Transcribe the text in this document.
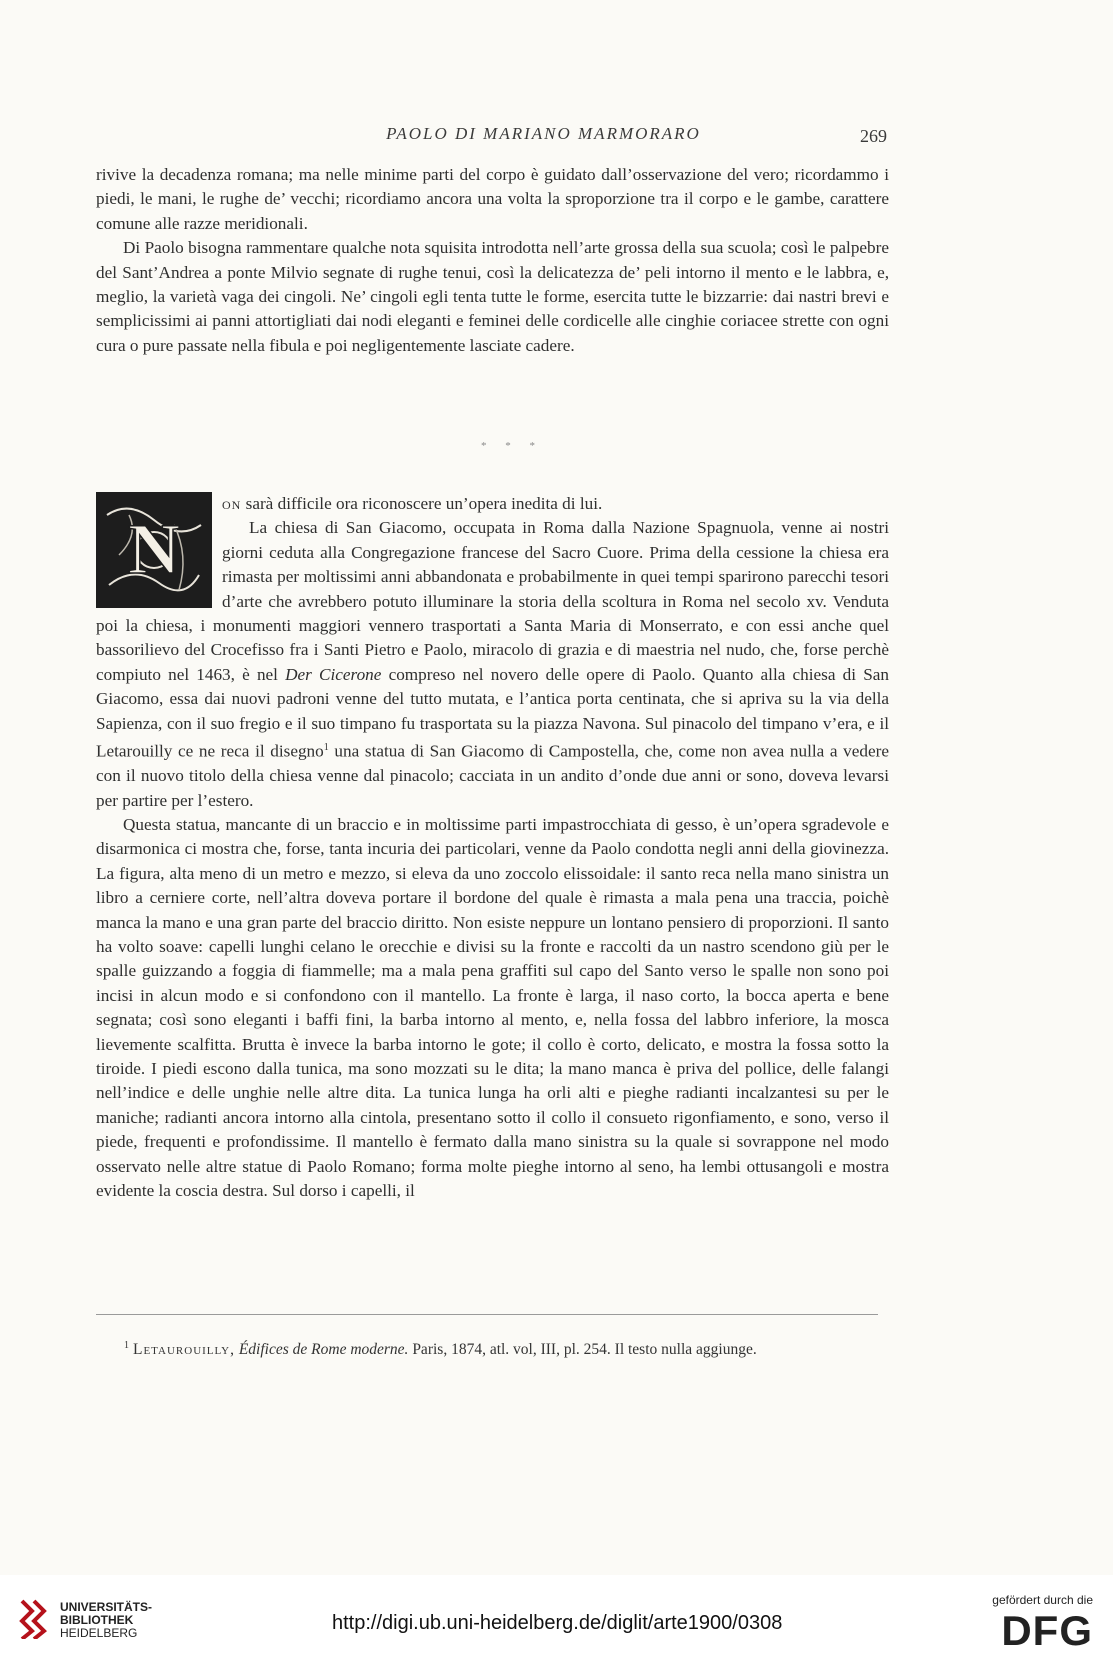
PAOLO DI MARIANO MARMORARO	269

rivive la decadenza romana; ma nelle minime parti del corpo è guidato dall’osservazione del vero; ricordammo i piedi, le mani, le rughe de’ vecchi; ricordiamo ancora una volta la sproporzione tra il corpo e le gambe, carattere comune alle razze meridionali.

Di Paolo bisogna rammentare qualche nota squisita introdotta nell’arte grossa della sua scuola; così le palpebre del Sant’Andrea a ponte Milvio segnate di rughe tenui, così la delicatezza de’ peli intorno il mento e le labbra, e, meglio, la varietà vaga dei cingoli. Ne’ cingoli egli tenta tutte le forme, esercita tutte le bizzarrie: dai nastri brevi e semplicissimi ai panni attortigliati dai nodi eleganti e feminei delle cordicelle alle cinghie coriacee strette con ogni cura o pure passate nella fibula e poi negligentemente lasciate cadere.

* * *
N

on sarà difficile ora riconoscere un’opera inedita di lui.

La chiesa di San Giacomo, occupata in Roma dalla Nazione Spagnuola, venne ai nostri giorni ceduta alla Congregazione francese del Sacro Cuore. Prima della cessione la chiesa era rimasta per moltissimi anni abbandonata e probabilmente in quei tempi sparirono parecchi tesori d’arte che avrebbero potuto illuminare la storia della scoltura in Roma nel secolo xv. Venduta poi la chiesa, i monumenti maggiori vennero trasportati a Santa Maria di Monserrato, e con essi anche quel bassorilievo del Crocefisso fra i Santi Pietro e Paolo, miracolo di grazia e di maestria nel nudo, che, forse perchè compiuto nel 1463, è nel Der Cicerone compreso nel novero delle opere di Paolo. Quanto alla chiesa di San Giacomo, essa dai nuovi padroni venne del tutto mutata, e l’antica porta centinata, che si apriva su la via della Sapienza, con il suo fregio e il suo timpano fu trasportata su la piazza Navona. Sul pinacolo del timpano v’era, e il Letarouilly ce ne reca il disegno$^1$ una statua di San Giacomo di Campostella, che, come non avea nulla a vedere con il nuovo titolo della chiesa venne dal pinacolo; cacciata in un andito d’onde due anni or sono, doveva levarsi per partire per l’estero.

Questa statua, mancante di un braccio e in moltissime parti impastrocchiata di gesso, è un’opera sgradevole e disarmonica ci mostra che, forse, tanta incuria dei particolari, venne da Paolo condotta negli anni della giovinezza. La figura, alta meno di un metro e mezzo, si eleva da uno zoccolo elissoidale: il santo reca nella mano sinistra un libro a cerniere corte, nell’altra doveva portare il bordone del quale è rimasta a mala pena una traccia, poichè manca la mano e una gran parte del braccio diritto. Non esiste neppure un lontano pensiero di proporzioni. Il santo ha volto soave: capelli lunghi celano le orecchie e divisi su la fronte e raccolti da un nastro scendono giù per le spalle guizzando a foggia di fiammelle; ma a mala pena graffiti sul capo del Santo verso le spalle non sono poi incisi in alcun modo e si confondono con il mantello. La fronte è larga, il naso corto, la bocca aperta e bene segnata; così sono eleganti i baffi fini, la barba intorno al mento, e, nella fossa del labbro inferiore, la mosca lievemente scalfitta. Brutta è invece la barba intorno le gote; il collo è corto, delicato, e mostra la fossa sotto la tiroide. I piedi escono dalla tunica, ma sono mozzati su le dita; la mano manca è priva del pollice, delle falangi nell’indice e delle unghie nelle altre dita. La tunica lunga ha orli alti e pieghe radianti incalzantesi su per le maniche; radianti ancora intorno alla cintola, presentano sotto il collo il consueto rigonfiamento, e sono, verso il piede, frequenti e profondissime. Il mantello è fermato dalla mano sinistra su la quale si sovrappone nel modo osservato nelle altre statue di Paolo Romano; forma molte pieghe intorno al seno, ha lembi ottusangoli e mostra evidente la coscia destra. Sul dorso i capelli, il

$^1$ Letaurouilly, Édifices de Rome moderne. Paris, 1874, atl. vol, III, pl. 254. Il testo nulla aggiunge.
UNIVERSITÄTS-
BIBLIOTHEK
HEIDELBERG	http://digi.ub.uni-heidelberg.de/diglit/arte1900/0308
gefördert durch die
DFG
